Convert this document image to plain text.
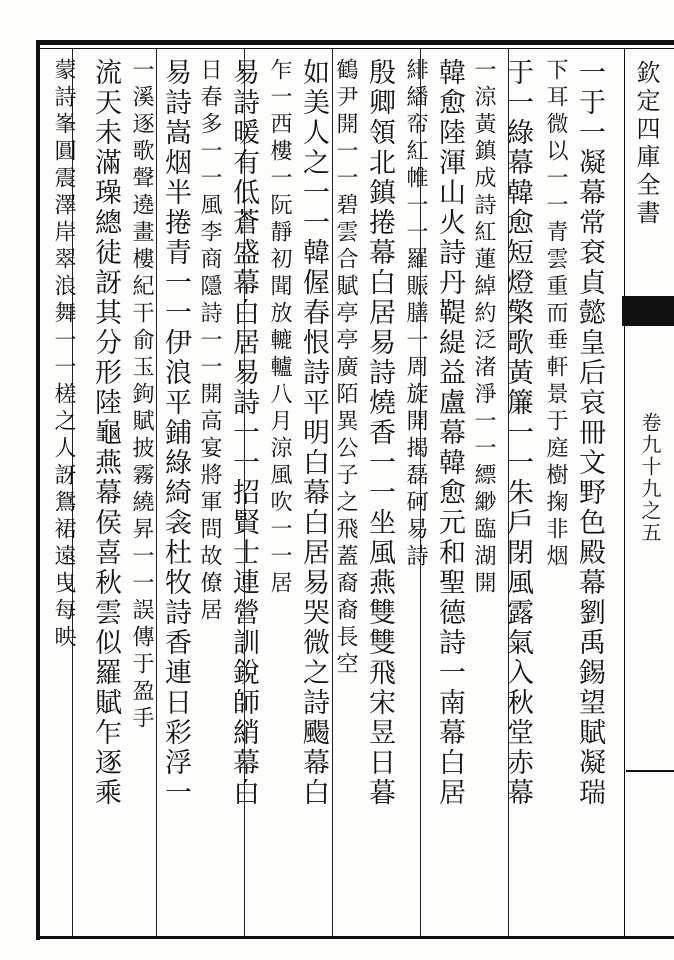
欽定四庫全書
卷九十九之五
一于一凝幕常袞貞懿皇后哀冊文野色殿幕劉禹錫望賦凝瑞
下耳微以一一青雲重而垂軒景于庭樹掬非烟
于一綠幕韓愈短燈檠歌黃簾一一朱戶閉風露氣入秋堂赤幕
一涼黃鎮成詩紅蓮綽約泛渚淨一一縹緲臨湖開
韓愈陸渾山火詩丹鞮緹益盧幕韓愈元和聖德詩一南幕白居
緋繙帟紅帷一一羅賑膳一周旋開揭磊砢易詩
殷卿領北鎮捲幕白居易詩燒香一一坐風燕雙雙飛宋昱日暮
鶴尹開一一碧雲合賦亭亭廣陌異公子之飛蓋裔裔長空
如美人之一一韓偓春恨詩平明白幕白居易哭微之詩颺幕白
乍一西樓一阮靜初聞放轆轤八月涼風吹一一居
易詩暖有低蒼盛幕白居易詩一一招賢士連營訓銳師綃幕白
日春多一一風李商隱詩一一開高宴將軍問故僚居
易詩嵩烟半捲青一一伊浪平鋪綠綺衾杜牧詩香連日彩浮一
一溪逐歌聲遶畫樓紀干俞玉鉤賦披霧繞昇一一誤傳于盈手
流天未滿璪總徒訝其分形陸龜燕幕侯喜秋雲似羅賦乍逐乘
蒙詩峯圓震澤岸翠浪舞一一槎之人訝鴛裙遠曳每映
